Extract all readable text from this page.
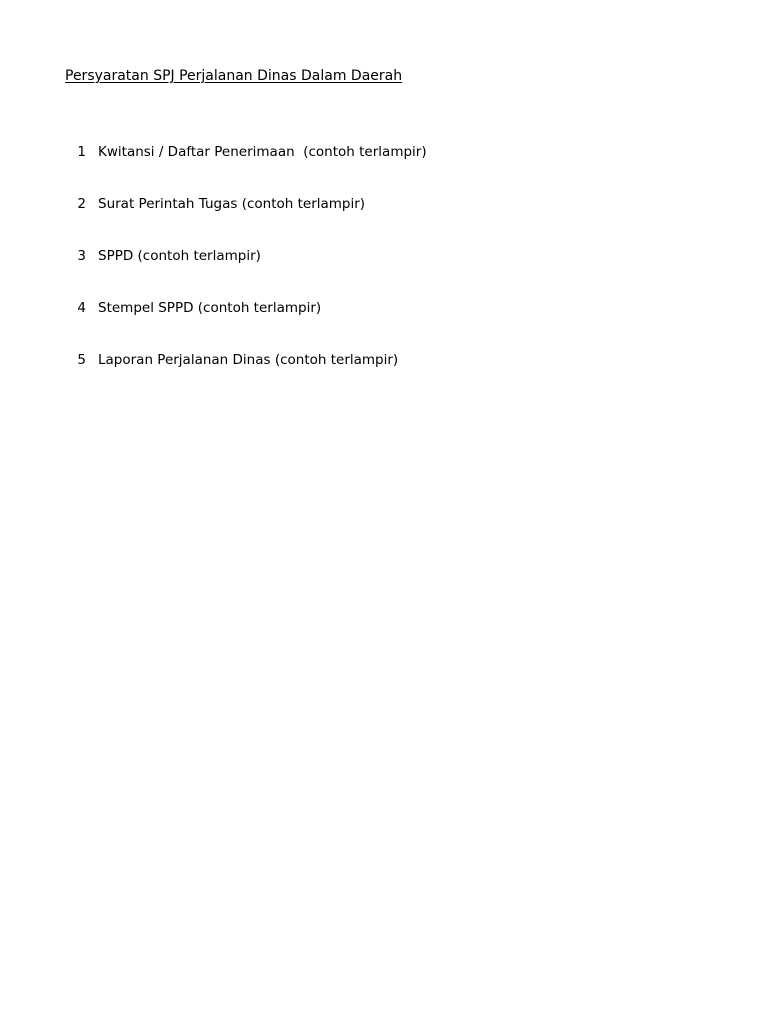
Persyaratan SPJ Perjalanan Dinas Dalam Daerah
1 Kwitansi / Daftar Penerimaan  (contoh terlampir)
2 Surat Perintah Tugas (contoh terlampir)
3 SPPD (contoh terlampir)
4 Stempel SPPD (contoh terlampir)
5 Laporan Perjalanan Dinas (contoh terlampir)
